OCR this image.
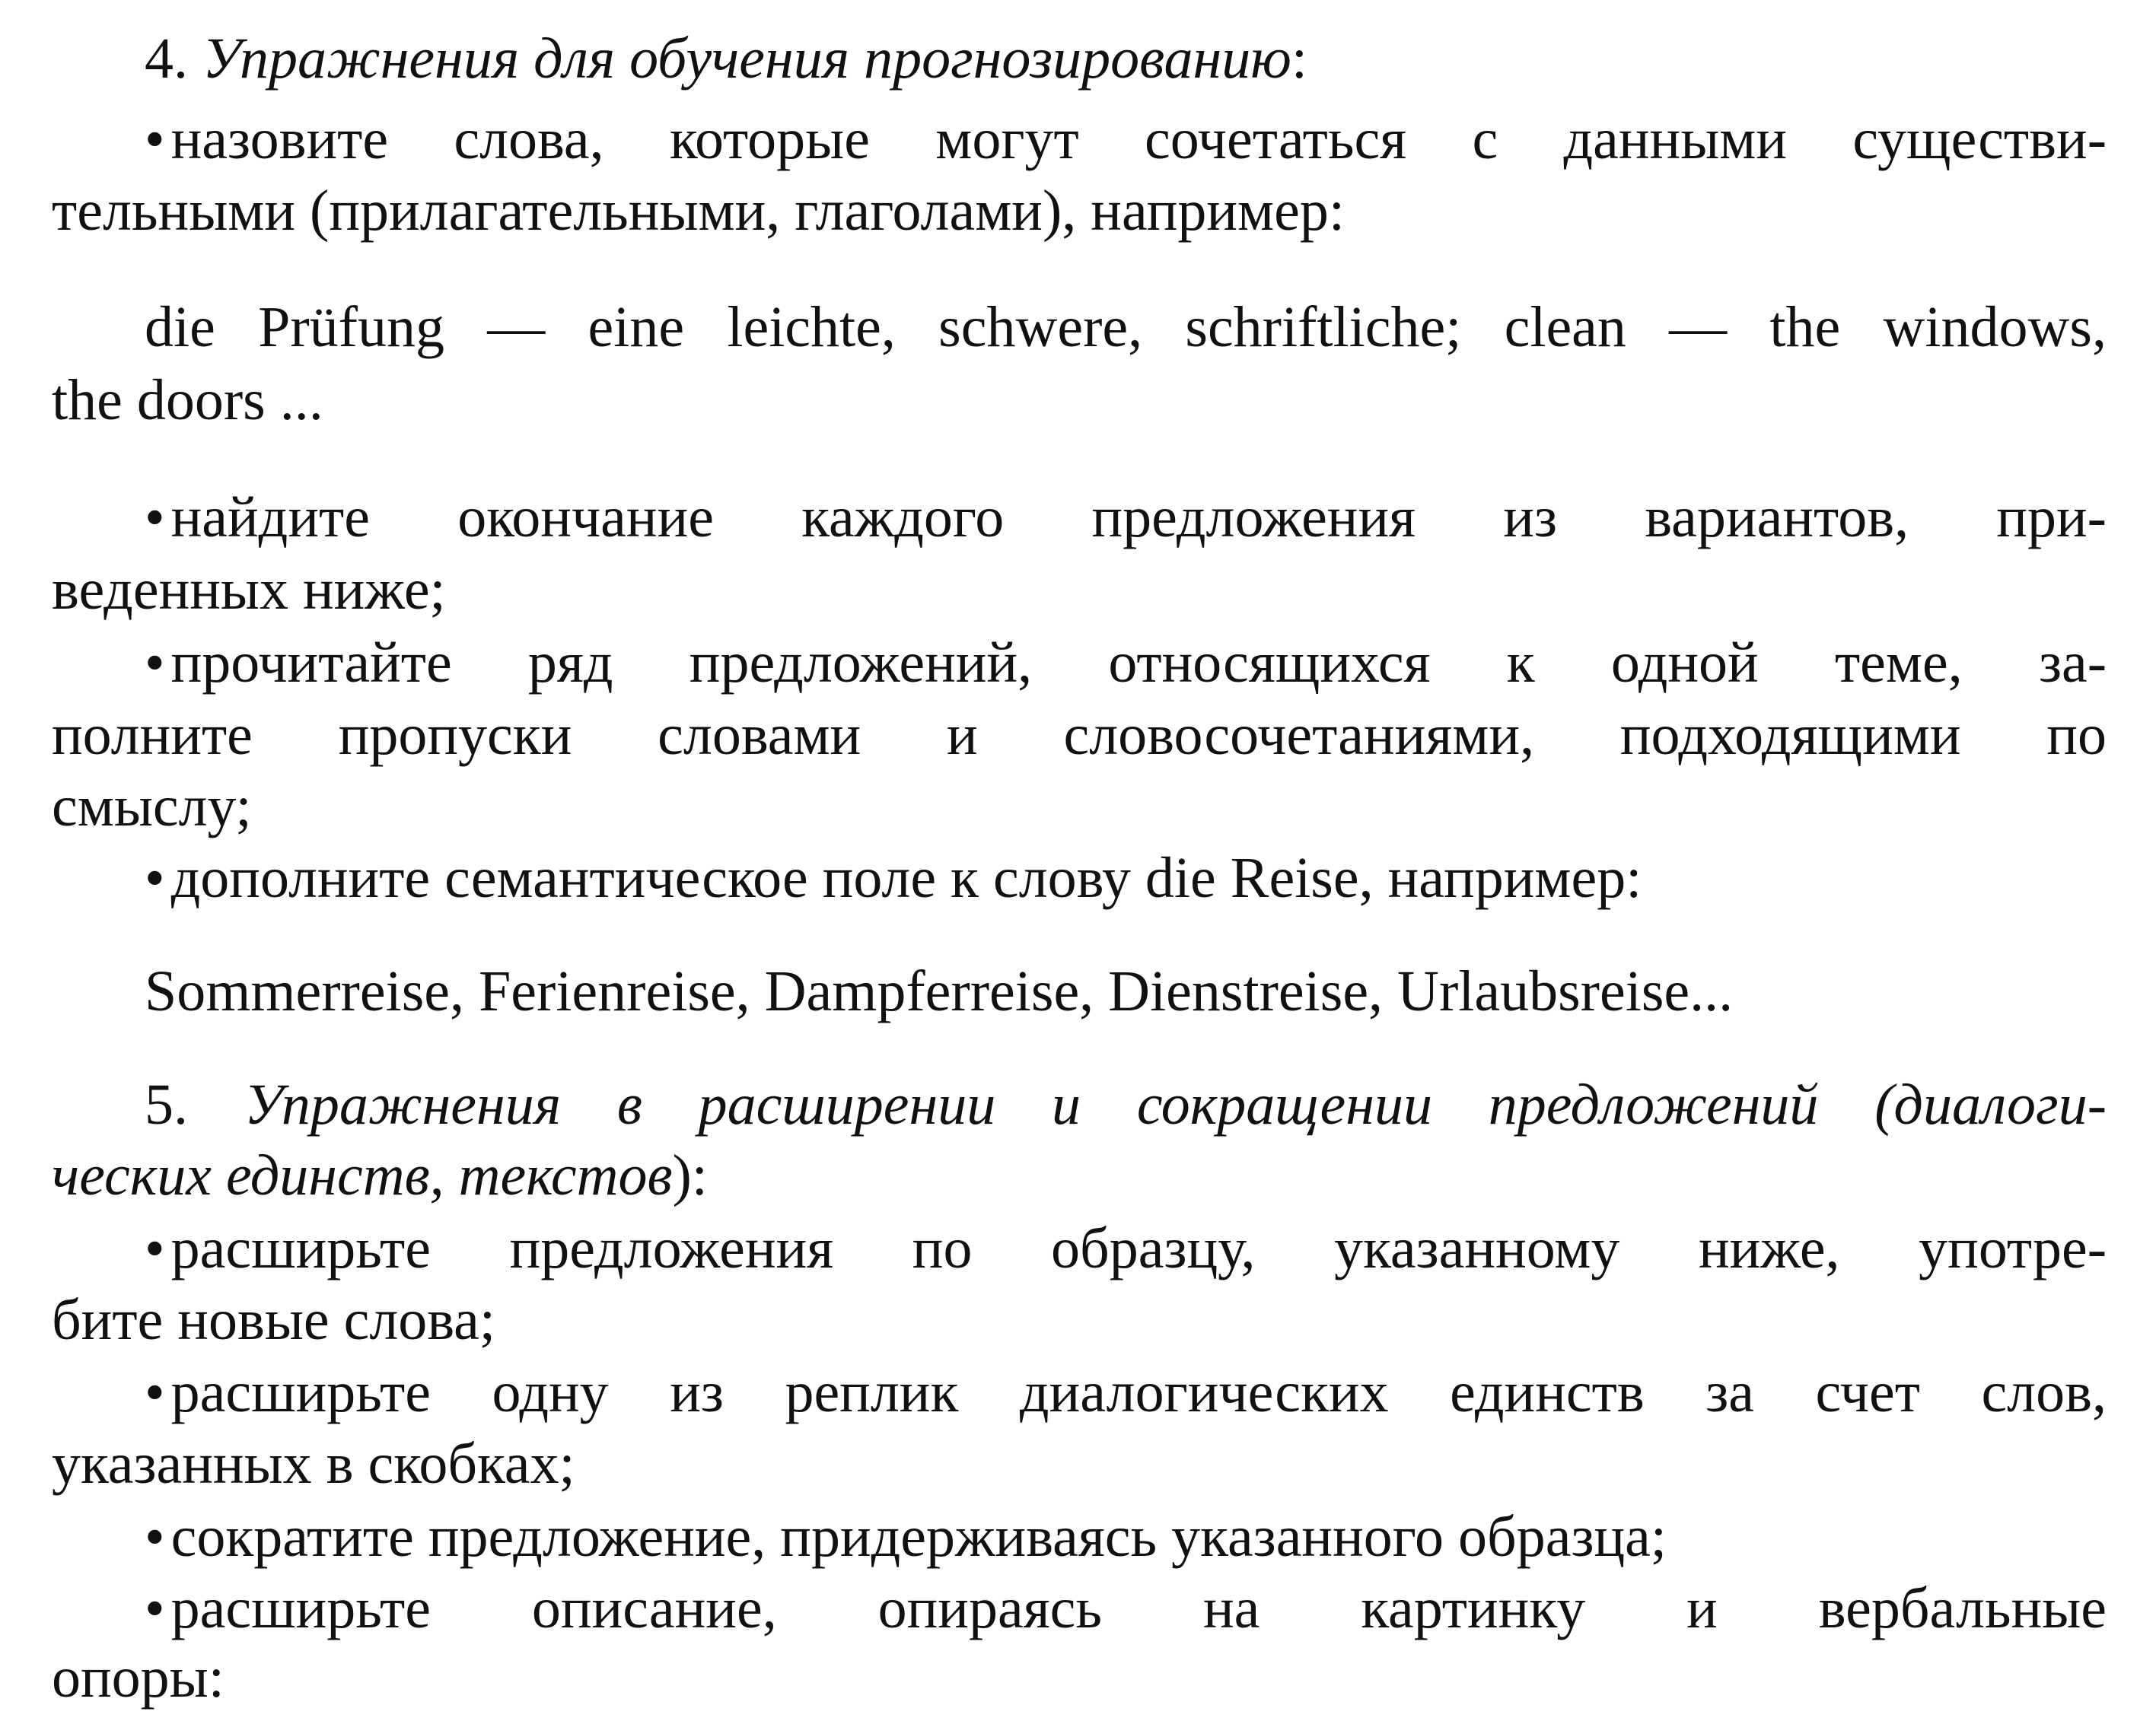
4. Упражнения для обучения прогнозированию:
• назовите слова, которые могут сочетаться с данными существи-
тельными (прилагательными, глаголами), например:
die Prüfung — eine leichte, schwere, schriftliche; clean — the windows,
the doors ...
• найдите окончание каждого предложения из вариантов, при-
веденных ниже;
• прочитайте ряд предложений, относящихся к одной теме, за-
полните пропуски словами и словосочетаниями, подходящими по
смыслу;
• дополните семантическое поле к слову die Reise, например:
Sommerreise, Ferienreise, Dampferreise, Dienstreise, Urlaubsreise...
5. Упражнения в расширении и сокращении предложений (диалоги-
ческих единств, текстов):
• расширьте предложения по образцу, указанному ниже, употре-
бите новые слова;
• расширьте одну из реплик диалогических единств за счет слов,
указанных в скобках;
• сократите предложение, придерживаясь указанного образца;
• расширьте описание, опираясь на картинку и вербальные
опоры:
